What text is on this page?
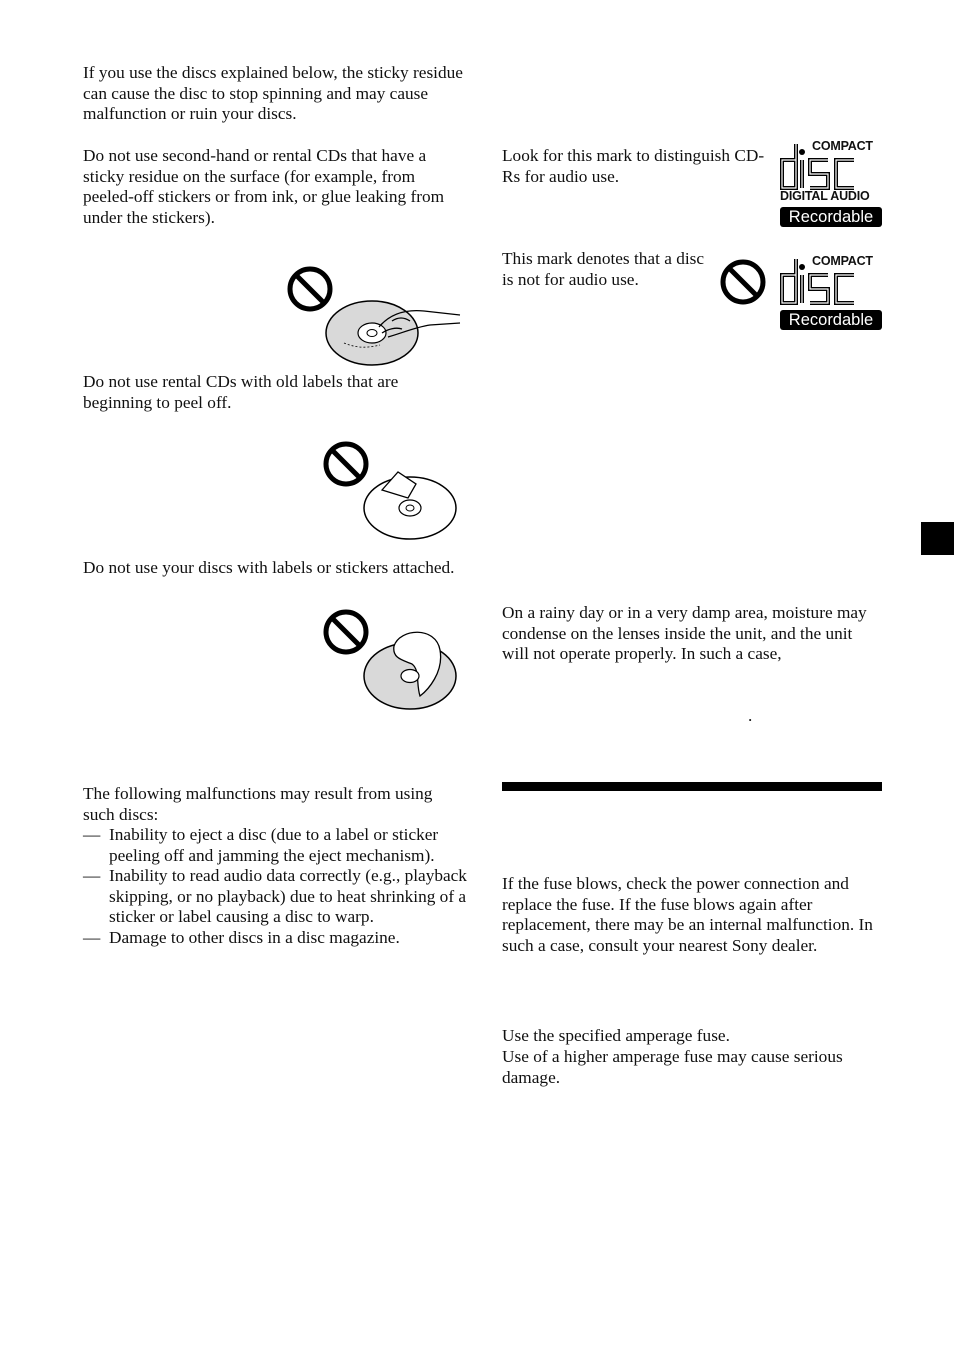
If you use the discs explained below, the sticky residue can cause the disc to stop spinning and may cause malfunction or ruin your discs.

Do not use second-hand or rental CDs that have a sticky residue on the surface (for example, from peeled-off stickers or from ink, or glue leaking from under the stickers).

Do not use rental CDs with old labels that are beginning to peel off.

Do not use your discs with labels or stickers attached.

The following malfunctions may result from using such discs:

— Inability to eject a disc (due to a label or sticker peeling off and jamming the eject mechanism).
— Inability to read audio data correctly (e.g., playback skipping, or no playback) due to heat shrinking of a sticker or label causing a disc to warp.
— Damage to other discs in a disc magazine.

Look for this mark to distinguish CD-Rs for audio use.

COMPACT
DIGITAL AUDIO
Recordable

This mark denotes that a disc is not for audio use.

COMPACT
Recordable

On a rainy day or in a very damp area, moisture may condense on the lenses inside the unit, and the unit will not operate properly. In such a case,

.

If the fuse blows, check the power connection and replace the fuse. If the fuse blows again after replacement, there may be an internal malfunction. In such a case, consult your nearest Sony dealer.

Use the specified amperage fuse.

Use of a higher amperage fuse may cause serious damage.
